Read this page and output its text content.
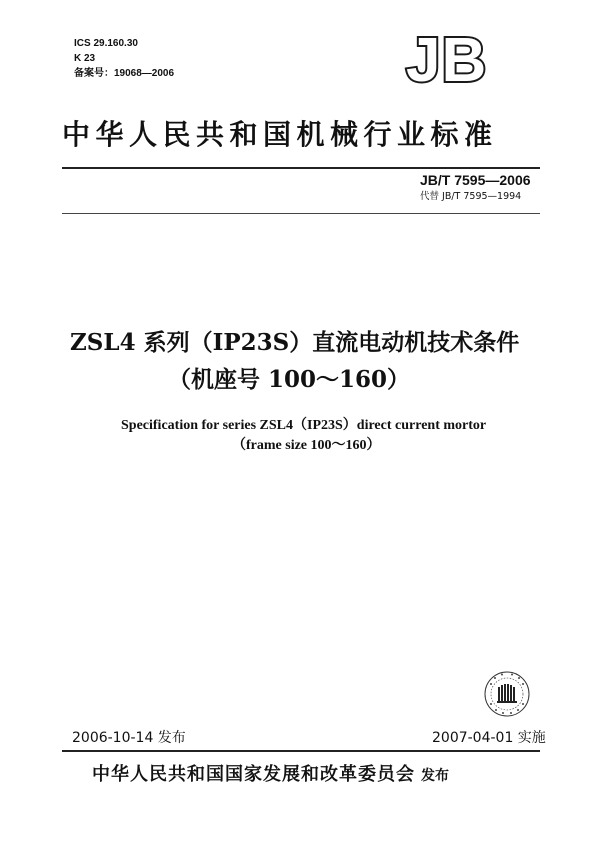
ICS 29.160.30
K 23
备案号：19068—2006	JB
中华人民共和国机械行业标准
JB/T 7595—2006
代替 JB/T 7595—1994
ZSL4 系列（IP23S）直流电动机技术条件
（机座号 100～160）
Specification for series ZSL4（IP23S）direct current mortor
（frame size 100～160）
2006-10-14 发布	2007-04-01 实施
中华人民共和国国家发展和改革委员会 发布
